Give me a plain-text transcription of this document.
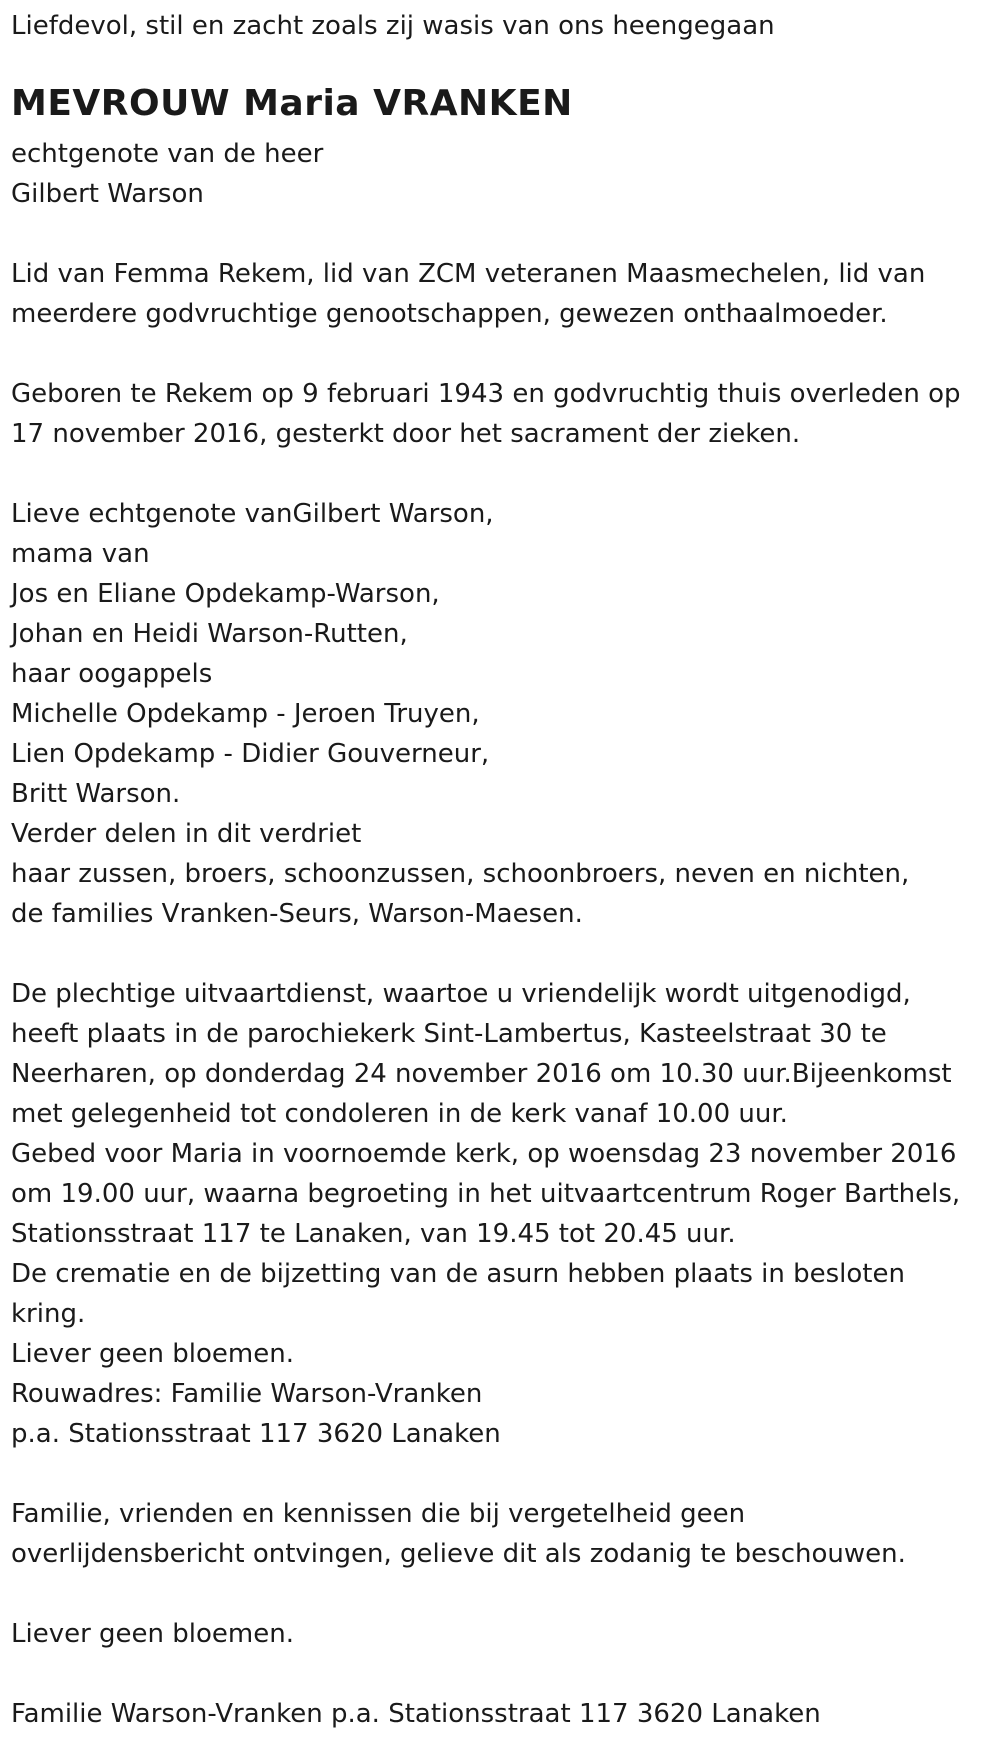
Liefdevol, stil en zacht zoals zij wasis van ons heengegaan
MEVROUW Maria VRANKEN
echtgenote van de heer
Gilbert Warson
Lid van Femma Rekem, lid van ZCM veteranen Maasmechelen, lid van
meerdere godvruchtige genootschappen, gewezen onthaalmoeder.
Geboren te Rekem op 9 februari 1943 en godvruchtig thuis overleden op
17 november 2016, gesterkt door het sacrament der zieken.
Lieve echtgenote vanGilbert Warson,
mama van
Jos en Eliane Opdekamp-Warson,
Johan en Heidi Warson-Rutten,
haar oogappels
Michelle Opdekamp - Jeroen Truyen,
Lien Opdekamp - Didier Gouverneur,
Britt Warson.
Verder delen in dit verdriet
haar zussen, broers, schoonzussen, schoonbroers, neven en nichten,
de families Vranken-Seurs, Warson-Maesen.
De plechtige uitvaartdienst, waartoe u vriendelijk wordt uitgenodigd,
heeft plaats in de parochiekerk Sint-Lambertus, Kasteelstraat 30 te
Neerharen, op donderdag 24 november 2016 om 10.30 uur.Bijeenkomst
met gelegenheid tot condoleren in de kerk vanaf 10.00 uur.
Gebed voor Maria in voornoemde kerk, op woensdag 23 november 2016
om 19.00 uur, waarna begroeting in het uitvaartcentrum Roger Barthels,
Stationsstraat 117 te Lanaken, van 19.45 tot 20.45 uur.
De crematie en de bijzetting van de asurn hebben plaats in besloten
kring.
Liever geen bloemen.
Rouwadres: Familie Warson-Vranken
p.a. Stationsstraat 117 3620 Lanaken
Familie, vrienden en kennissen die bij vergetelheid geen
overlijdensbericht ontvingen, gelieve dit als zodanig te beschouwen.
Liever geen bloemen.
Familie Warson-Vranken p.a. Stationsstraat 117 3620 Lanaken
